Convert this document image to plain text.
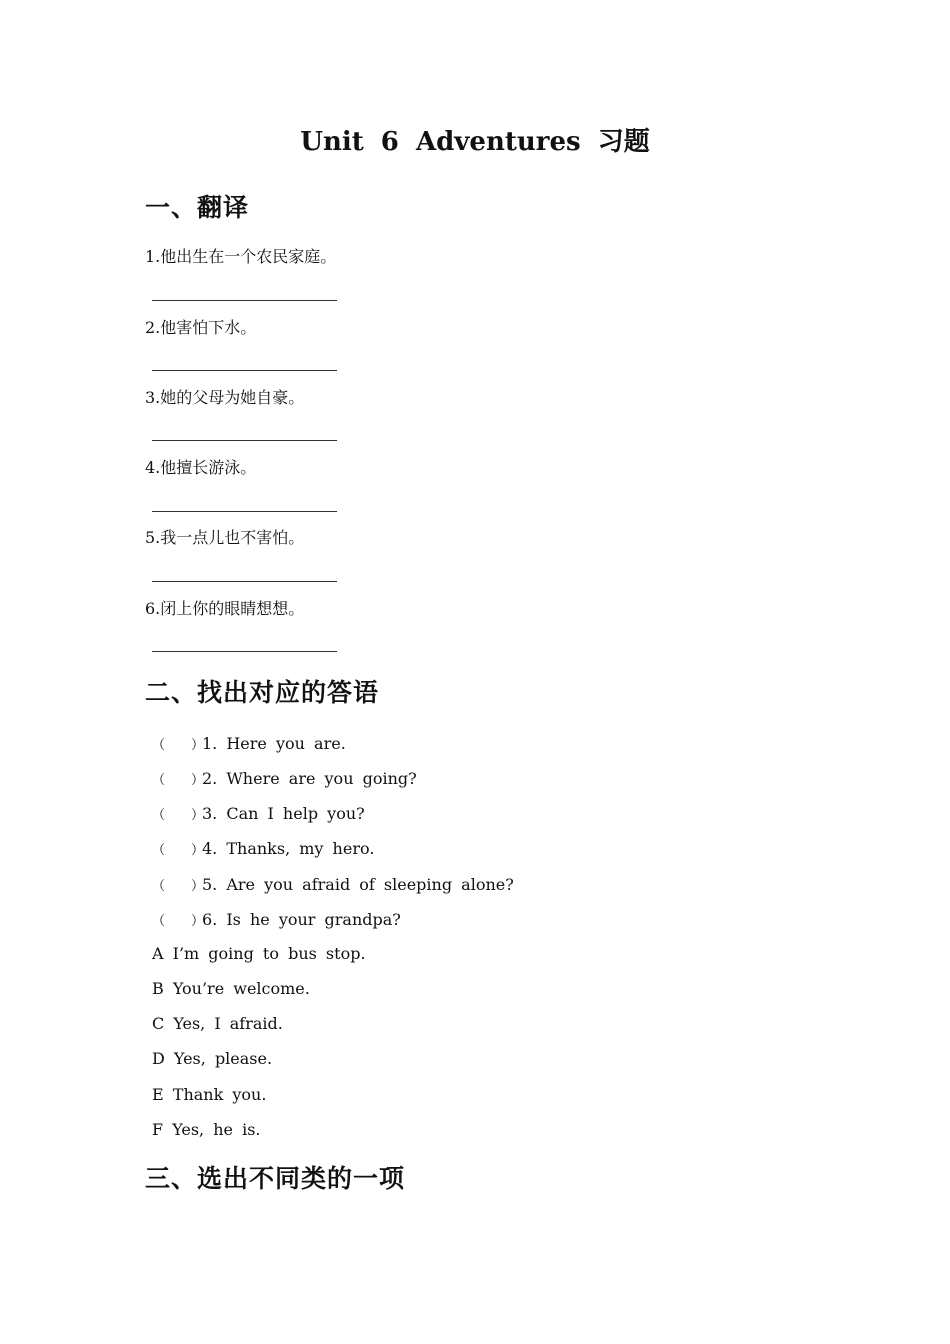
Unit 6 Adventures 习题
一、翻译
1.他出生在一个农民家庭。
2.他害怕下水。
3.她的父母为她自豪。
4.他擅长游泳。
5.我一点儿也不害怕。
6.闭上你的眼睛想想。
二、找出对应的答语
（ ）1. Here you are.
（ ）2. Where are you going?
（ ）3. Can I help you?
（ ）4. Thanks, my hero.
（ ）5. Are you afraid of sleeping alone?
（ ）6. Is he your grandpa?
A I’m going to bus stop.
B You’re welcome.
C Yes, I afraid.
D Yes, please.
E Thank you.
F Yes, he is.
三、选出不同类的一项
